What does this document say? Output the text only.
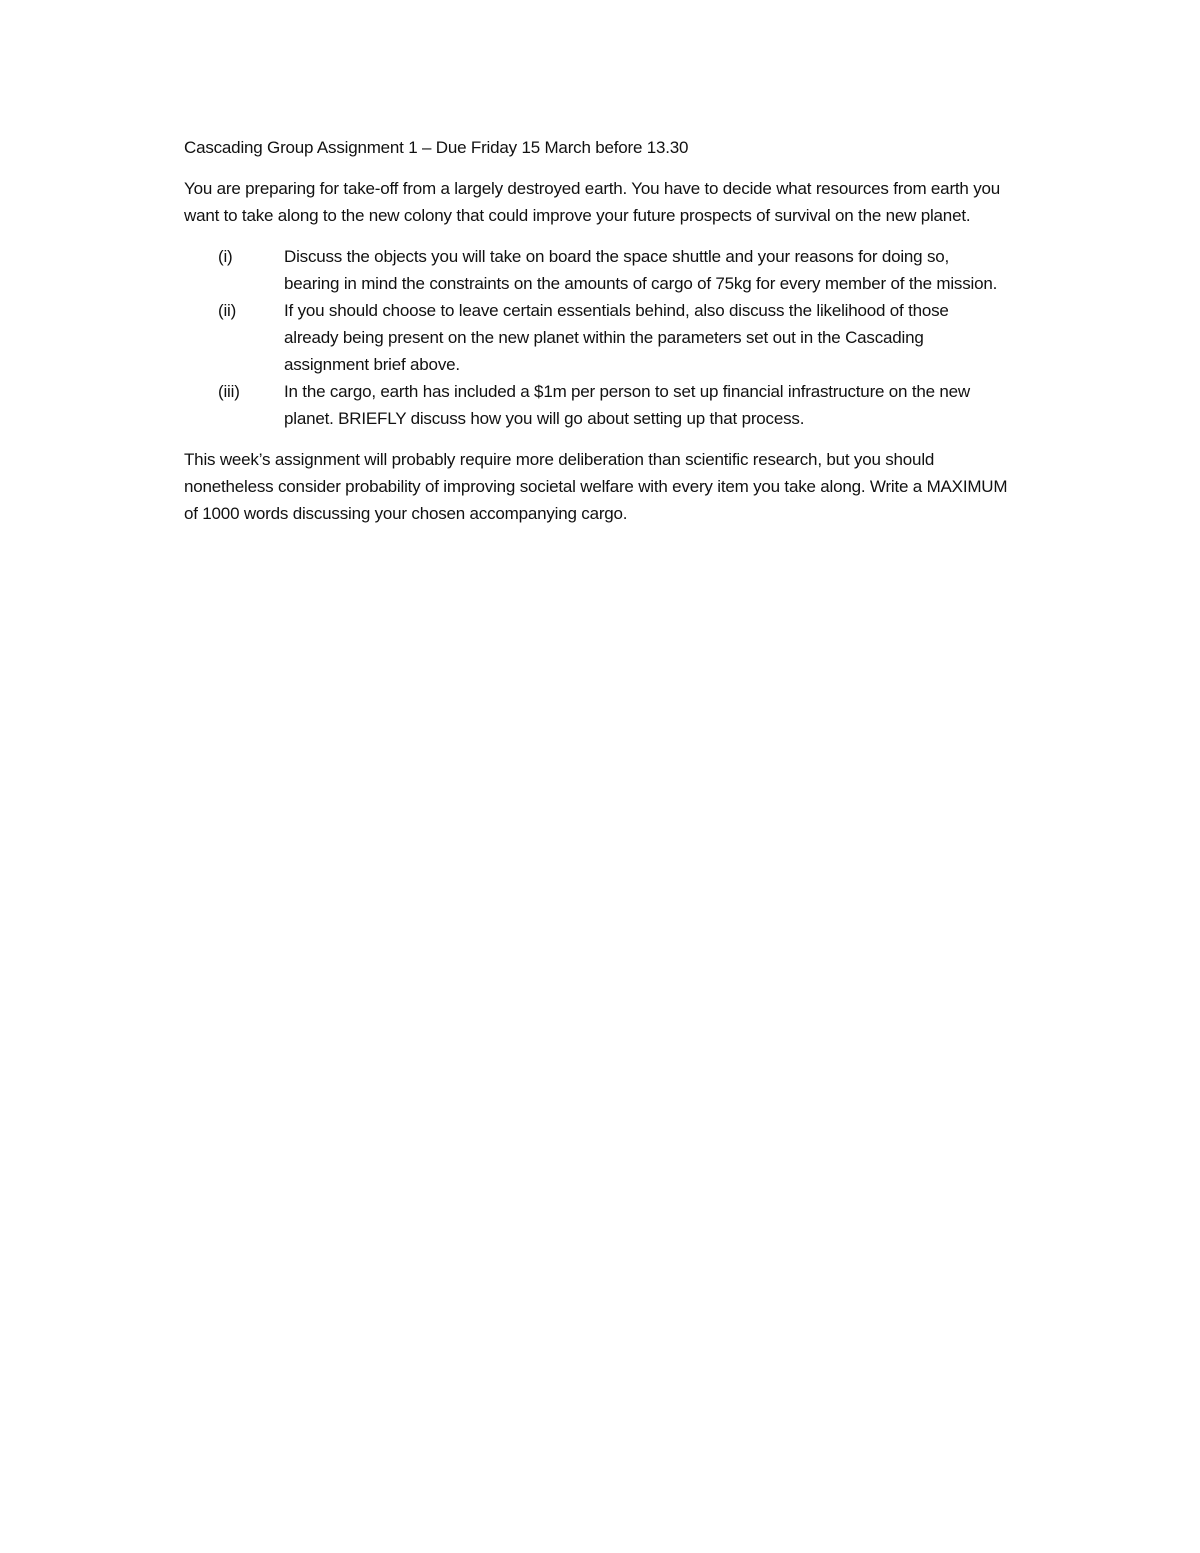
Cascading Group Assignment 1 – Due Friday 15 March before 13.30

You are preparing for take-off from a largely destroyed earth. You have to decide what resources from earth you want to take along to the new colony that could improve your future prospects of survival on the new planet.

(i)	Discuss the objects you will take on board the space shuttle and your reasons for doing so, bearing in mind the constraints on the amounts of cargo of 75kg for every member of the mission.
(ii)	If you should choose to leave certain essentials behind, also discuss the likelihood of those already being present on the new planet within the parameters set out in the Cascading assignment brief above.
(iii)	In the cargo, earth has included a $1m per person to set up financial infrastructure on the new planet. BRIEFLY discuss how you will go about setting up that process.

This week’s assignment will probably require more deliberation than scientific research, but you should nonetheless consider probability of improving societal welfare with every item you take along. Write a MAXIMUM of 1000 words discussing your chosen accompanying cargo.
